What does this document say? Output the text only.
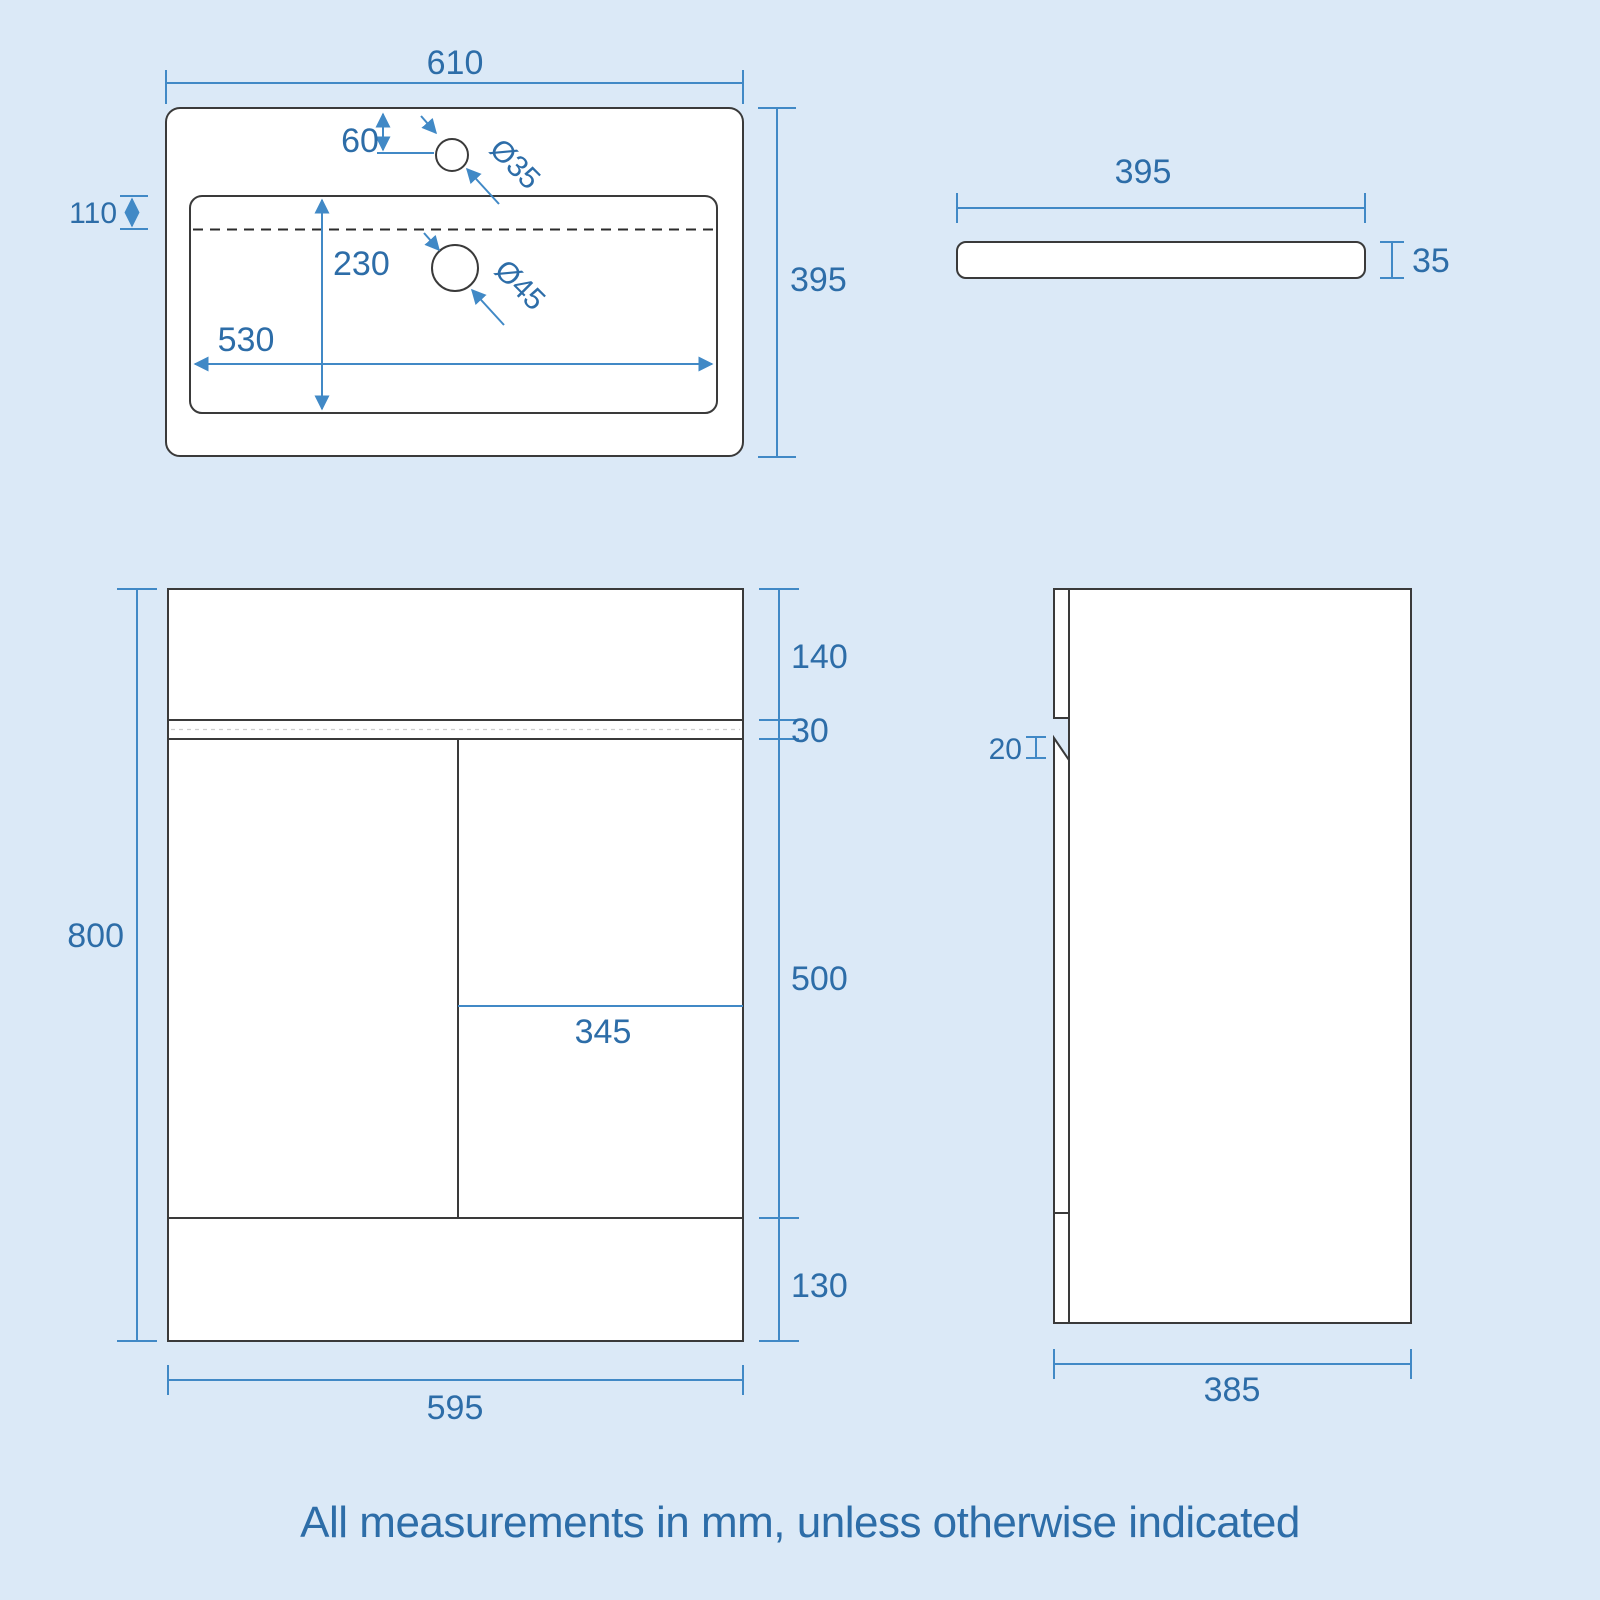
610
395
60	Ø35
110
230
530
Ø45
395
35
345
800
595
140
30
500
130
20
385
All measurements in mm, unless otherwise indicated
